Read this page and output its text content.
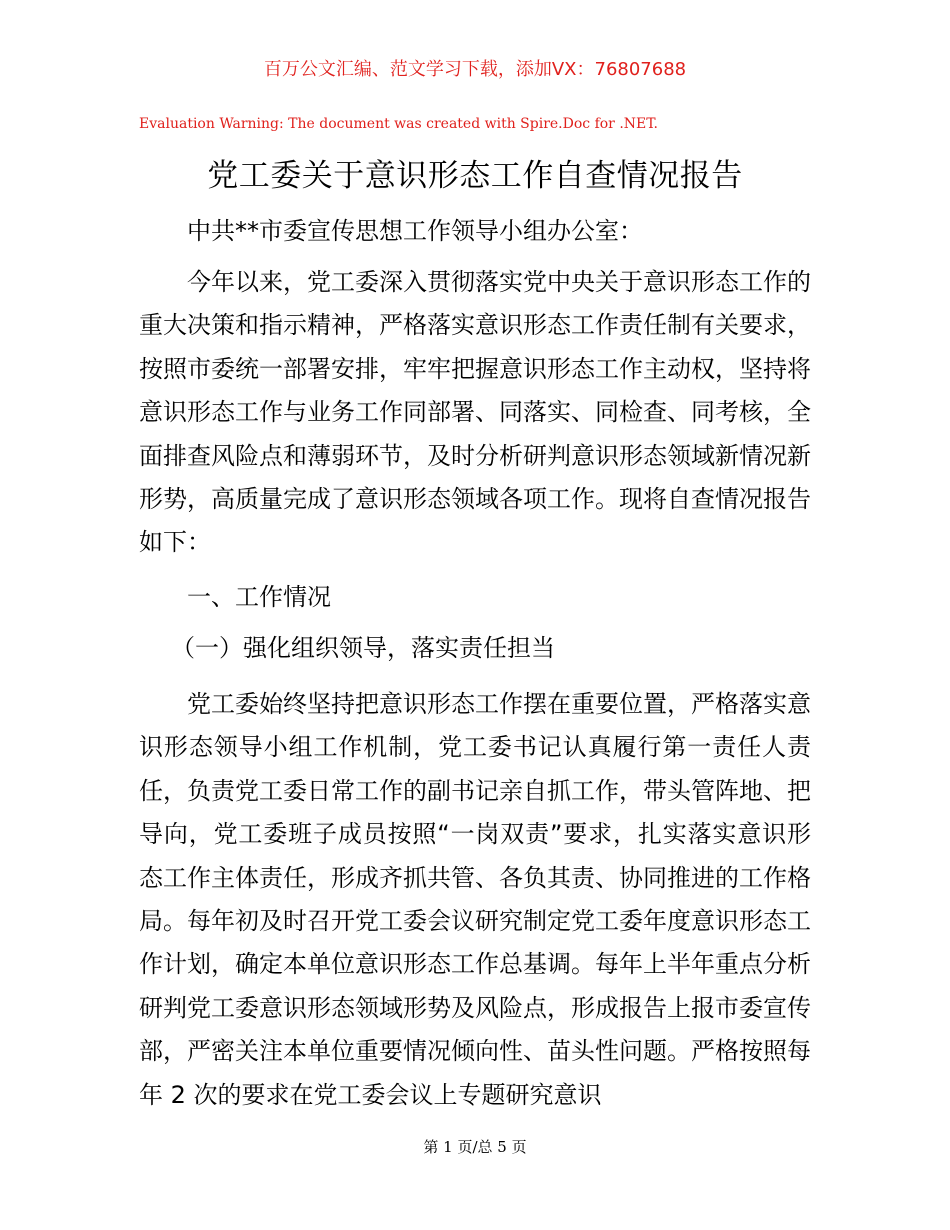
百万公文汇编、范文学习下载，添加VX：76807688
Evaluation Warning: The document was created with Spire.Doc for .NET.
党工委关于意识形态工作自查情况报告
中共**市委宣传思想工作领导小组办公室：
今年以来，党工委深入贯彻落实党中央关于意识形态工作的重大决策和指示精神，严格落实意识形态工作责任制有关要求，按照市委统一部署安排，牢牢把握意识形态工作主动权，坚持将意识形态工作与业务工作同部署、同落实、同检查、同考核，全面排查风险点和薄弱环节，及时分析研判意识形态领域新情况新形势，高质量完成了意识形态领域各项工作。现将自查情况报告如下：
一、工作情况
（一）强化组织领导，落实责任担当
党工委始终坚持把意识形态工作摆在重要位置，严格落实意识形态领导小组工作机制，党工委书记认真履行第一责任人责任，负责党工委日常工作的副书记亲自抓工作，带头管阵地、把导向，党工委班子成员按照“一岗双责”要求，扎实落实意识形态工作主体责任，形成齐抓共管、各负其责、协同推进的工作格局。每年初及时召开党工委会议研究制定党工委年度意识形态工作计划，确定本单位意识形态工作总基调。每年上半年重点分析研判党工委意识形态领域形势及风险点，形成报告上报市委宣传部，严密关注本单位重要情况倾向性、苗头性问题。严格按照每年 2 次的要求在党工委会议上专题研究意识
第 1 页/总 5 页
